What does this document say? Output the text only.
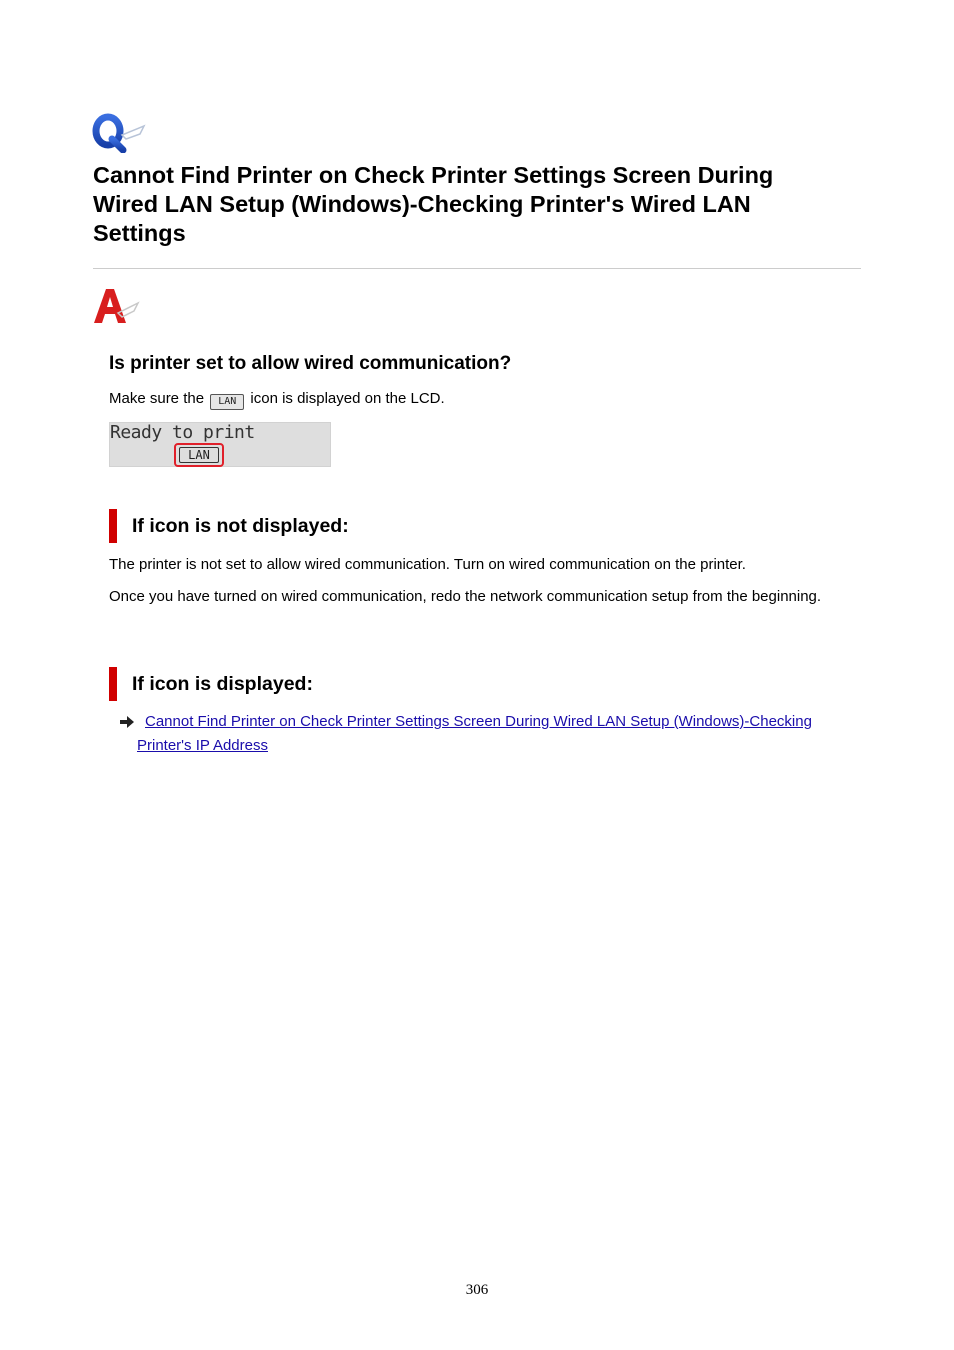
Cannot Find Printer on Check Printer Settings Screen During Wired LAN Setup (Windows)-Checking Printer's Wired LAN Settings
Is printer set to allow wired communication?

Make sure the LAN icon is displayed on the LCD.

Ready to print
LAN
If icon is not displayed:

The printer is not set to allow wired communication. Turn on wired communication on the printer.

Once you have turned on wired communication, redo the network communication setup from the beginning.

If icon is displayed:
Cannot Find Printer on Check Printer Settings Screen During Wired LAN Setup (Windows)-Checking Printer's IP Address
306
